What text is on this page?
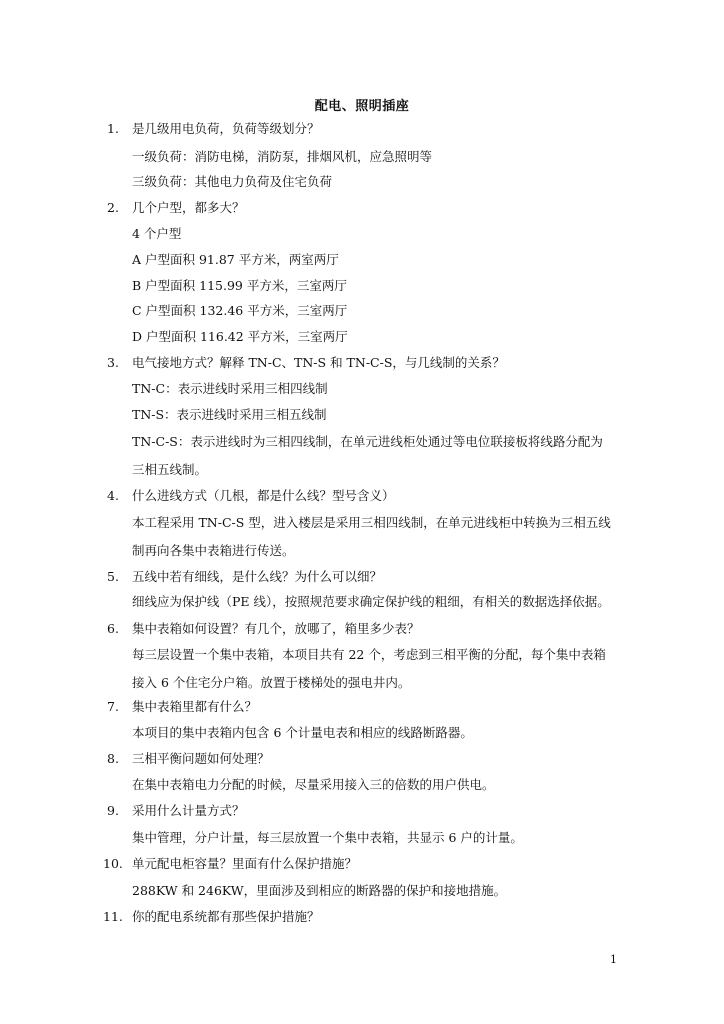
配电、照明插座
1. 是几级用电负荷，负荷等级划分？
一级负荷：消防电梯，消防泵，排烟风机，应急照明等
三级负荷：其他电力负荷及住宅负荷
2. 几个户型，都多大？
4 个户型
A 户型面积 91.87 平方米，两室两厅
B 户型面积 115.99 平方米，三室两厅
C 户型面积 132.46 平方米，三室两厅
D 户型面积 116.42 平方米，三室两厅
3. 电气接地方式？解释 TN-C、TN-S 和 TN-C-S，与几线制的关系？
TN-C：表示进线时采用三相四线制
TN-S：表示进线时采用三相五线制
TN-C-S：表示进线时为三相四线制，在单元进线柜处通过等电位联接板将线路分配为
三相五线制。
4. 什么进线方式（几根，都是什么线？型号含义）
本工程采用 TN-C-S 型，进入楼层是采用三相四线制，在单元进线柜中转换为三相五线
制再向各集中表箱进行传送。
5. 五线中若有细线，是什么线？为什么可以细？
细线应为保护线（PE 线），按照规范要求确定保护线的粗细，有相关的数据选择依据。
6. 集中表箱如何设置？有几个，放哪了，箱里多少表？
每三层设置一个集中表箱，本项目共有 22 个，考虑到三相平衡的分配，每个集中表箱
接入 6 个住宅分户箱。放置于楼梯处的强电井内。
7. 集中表箱里都有什么？
本项目的集中表箱内包含 6 个计量电表和相应的线路断路器。
8. 三相平衡问题如何处理？
在集中表箱电力分配的时候，尽量采用接入三的倍数的用户供电。
9. 采用什么计量方式？
集中管理，分户计量，每三层放置一个集中表箱，共显示 6 户的计量。
10. 单元配电柜容量？里面有什么保护措施？
288KW 和 246KW，里面涉及到相应的断路器的保护和接地措施。
11. 你的配电系统都有那些保护措施？
1
